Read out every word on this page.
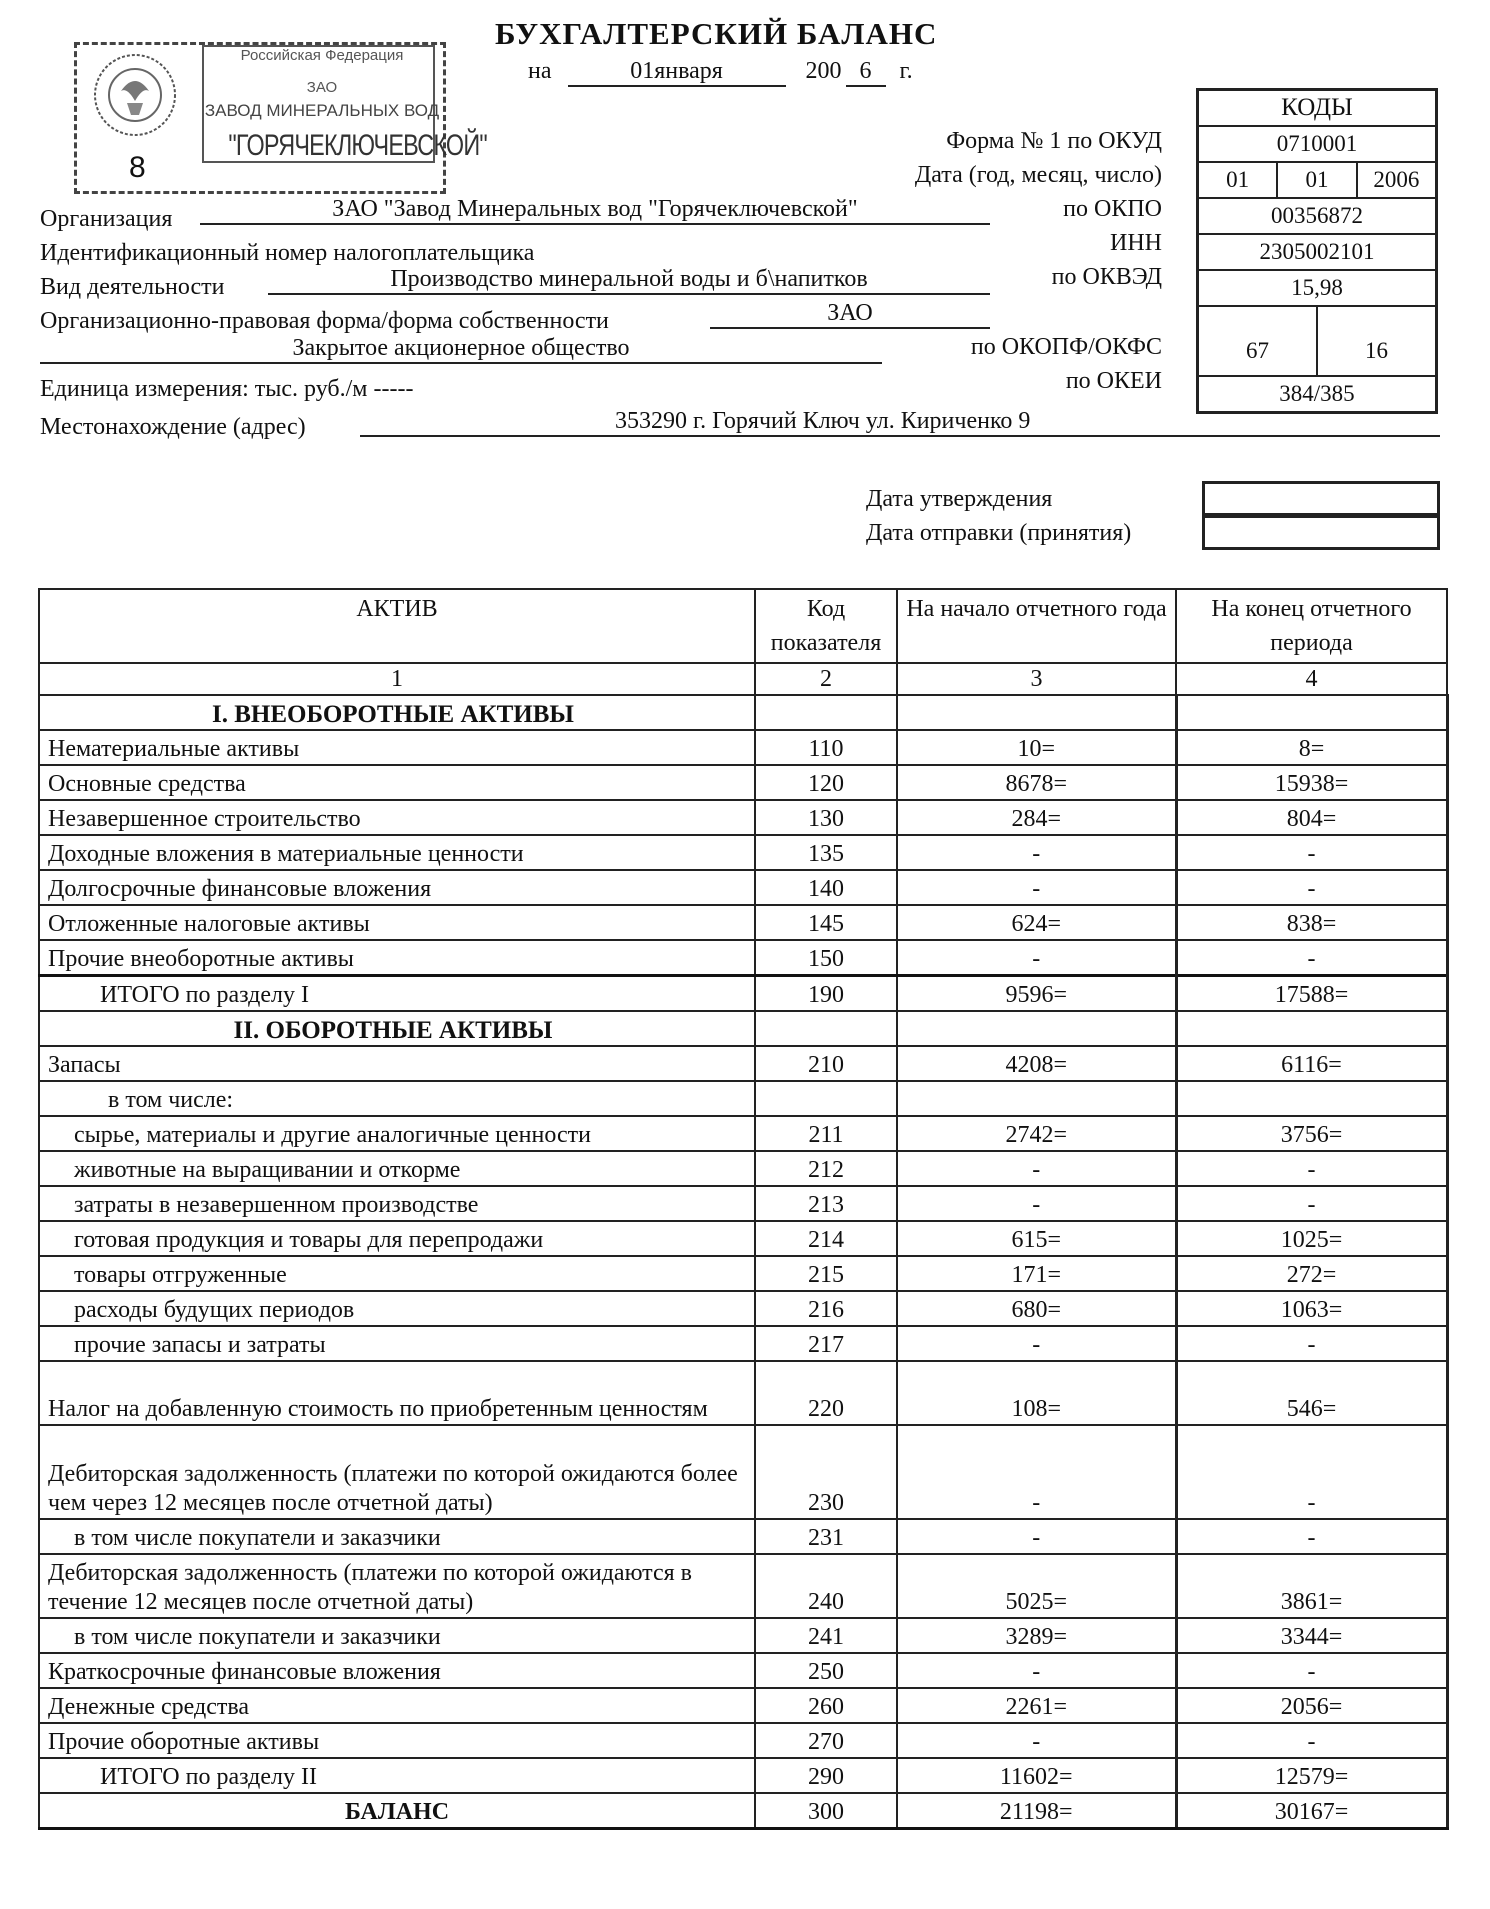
БУХГАЛТЕРСКИЙ БАЛАНС
на	01января	200 6 г.
8
Российская Федерация
ЗАО
ЗАВОД МИНЕРАЛЬНЫХ ВОД
"ГОРЯЧЕКЛЮЧЕВСКОЙ"	Форма № 1 по ОКУД
Дата (год, месяц, число)
по ОКПО
ИНН
по ОКВЭД
по ОКОПФ/ОКФС
по ОКЕИ
Организация	ЗАО "Завод Минеральных вод "Горячеключевской"
Идентификационный номер налогоплательщика
Вид деятельности	Производство минеральной воды и б\напитков
Организационно-правовая форма/форма собственности	ЗАО
Закрытое акционерное общество
Единица измерения: тыс. руб./м -----
Местонахождение (адрес)	353290 г. Горячий Ключ ул. Кириченко 9
КОДЫ
0710001
01	01	2006
00356872
2305002101
15,98
67	16
384/385
Дата утверждения
Дата отправки (принятия)
АКТИВ	Код показателя	На начало отчетного года	На конец отчетного периода
1	2	3	4
I. ВНЕОБОРОТНЫЕ АКТИВЫ			
Нематериальные активы	110	10=	8=
Основные средства	120	8678=	15938=
Незавершенное строительство	130	284=	804=
Доходные вложения в материальные ценности	135	-	-
Долгосрочные финансовые вложения	140	-	-
Отложенные налоговые активы	145	624=	838=
Прочие внеоборотные активы	150	-	-
ИТОГО по разделу I	190	9596=	17588=
II. ОБОРОТНЫЕ АКТИВЫ			
Запасы	210	4208=	6116=
в том числе:			
сырье, материалы и другие аналогичные ценности	211	2742=	3756=
животные на выращивании и откорме	212	-	-
затраты в незавершенном производстве	213	-	-
готовая продукция и товары для перепродажи	214	615=	1025=
товары отгруженные	215	171=	272=
расходы будущих периодов	216	680=	1063=
прочие запасы и затраты	217	-	-
Налог на добавленную стоимость по приобретенным ценностям	220	108=	546=
Дебиторская задолженность (платежи по которой ожидаются более чем через 12 месяцев после отчетной даты)	230	-	-
в том числе покупатели и заказчики	231	-	-
Дебиторская задолженность (платежи по которой ожидаются в течение 12 месяцев после отчетной даты)	240	5025=	3861=
в том числе покупатели и заказчики	241	3289=	3344=
Краткосрочные финансовые вложения	250	-	-
Денежные средства	260	2261=	2056=
Прочие оборотные активы	270	-	-
ИТОГО по разделу II	290	11602=	12579=
БАЛАНС	300	21198=	30167=
